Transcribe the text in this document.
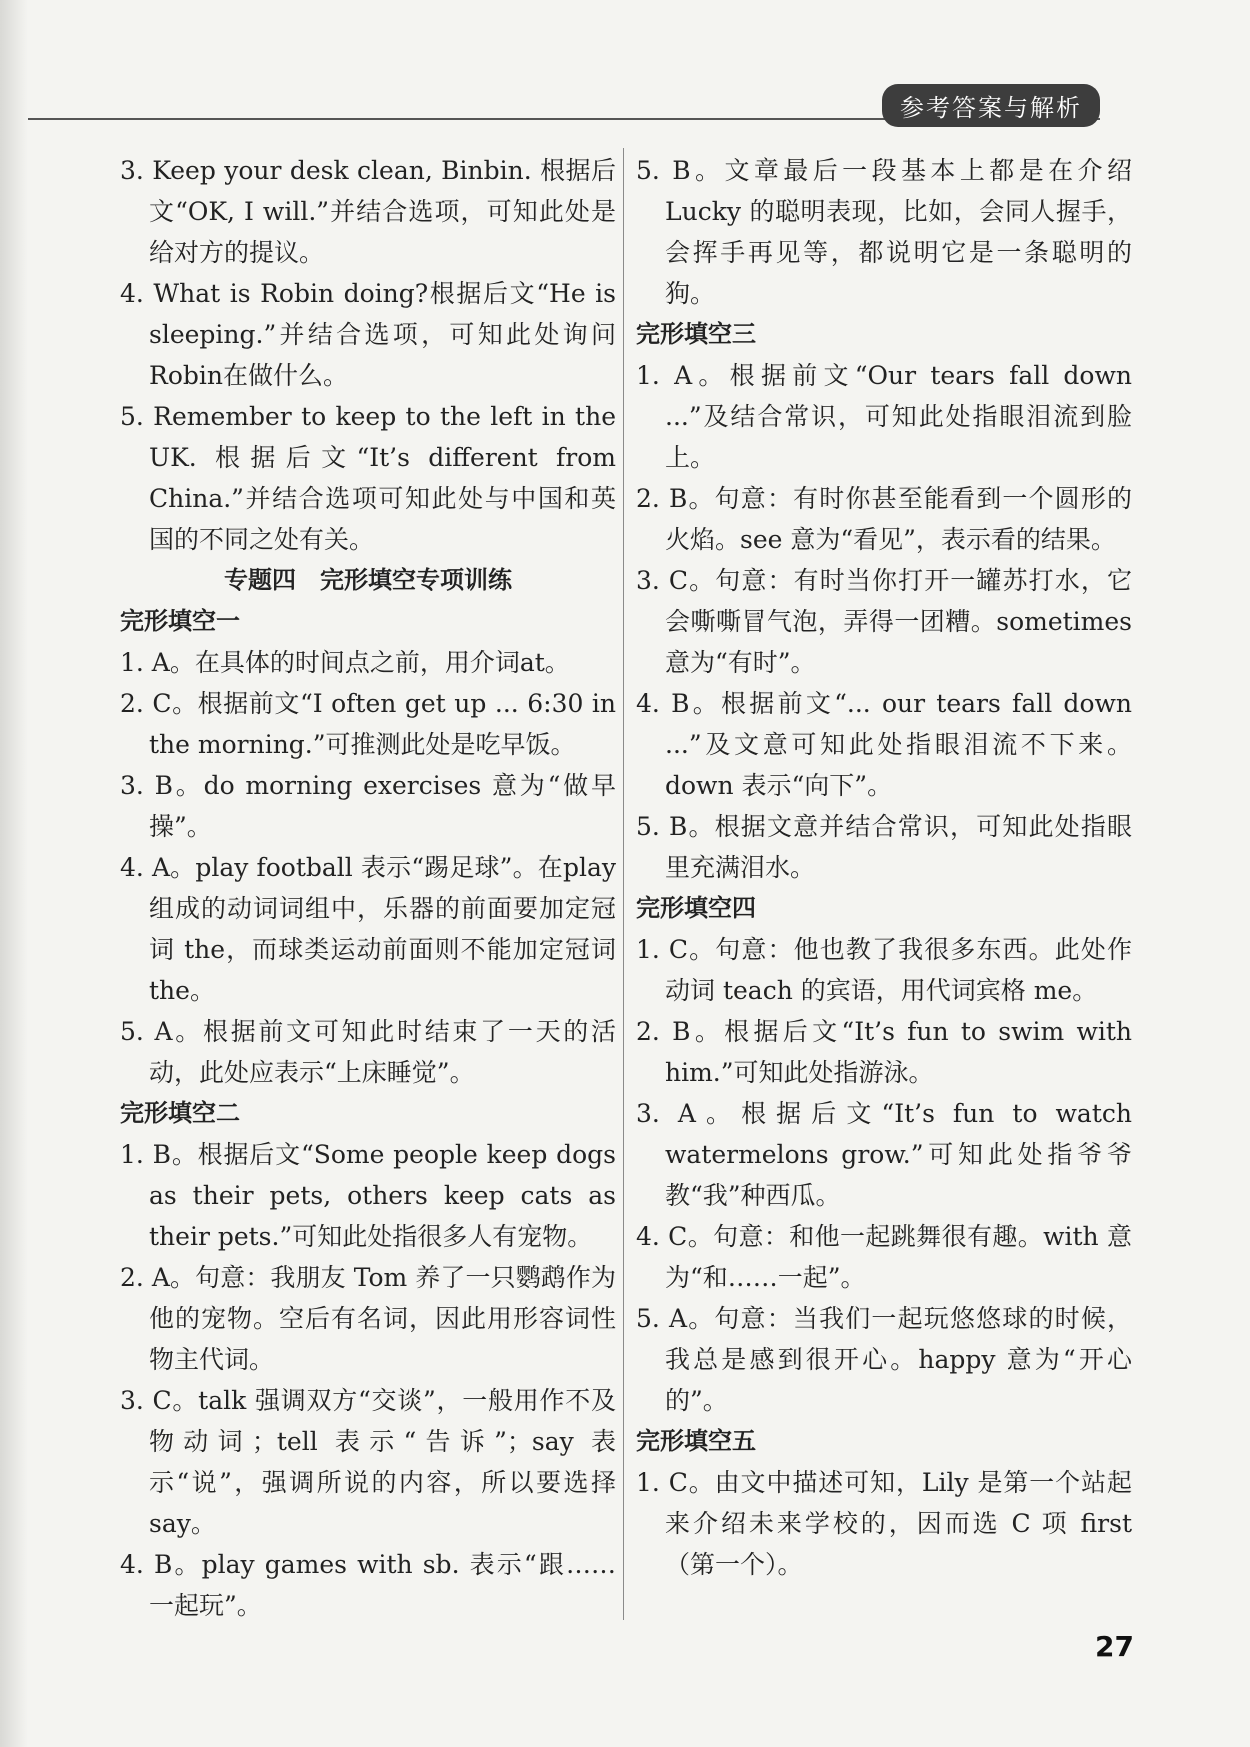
参考答案与解析
3. Keep your desk clean, Binbin. 根据后文“OK, I will.”并结合选项，可知此处是给对方的提议。
4. What is Robin doing?根据后文“He is sleeping.”并结合选项，可知此处询问Robin在做什么。
5. Remember to keep to the left in the UK. 根据后文“It’s different from China.”并结合选项可知此处与中国和英国的不同之处有关。
专题四　完形填空专项训练
完形填空一
1. A。在具体的时间点之前，用介词at。
2. C。根据前文“I often get up ... 6:30 in the morning.”可推测此处是吃早饭。
3. B。do morning exercises 意为“做早操”。
4. A。play football 表示“踢足球”。在play组成的动词词组中，乐器的前面要加定冠词 the，而球类运动前面则不能加定冠词 the。
5. A。根据前文可知此时结束了一天的活动，此处应表示“上床睡觉”。
完形填空二
1. B。根据后文“Some people keep dogs as their pets, others keep cats as their pets.”可知此处指很多人有宠物。
2. A。句意：我朋友 Tom 养了一只鹦鹉作为他的宠物。空后有名词，因此用形容词性物主代词。
3. C。talk 强调双方“交谈”，一般用作不及物动词；tell 表示“告诉”；say 表示“说”，强调所说的内容，所以要选择 say。
4. B。play games with sb. 表示“跟……一起玩”。
5. B。文章最后一段基本上都是在介绍 Lucky 的聪明表现，比如，会同人握手，会挥手再见等，都说明它是一条聪明的狗。
完形填空三
1. A。根据前文“Our tears fall down ...”及结合常识，可知此处指眼泪流到脸上。
2. B。句意：有时你甚至能看到一个圆形的火焰。see 意为“看见”，表示看的结果。
3. C。句意：有时当你打开一罐苏打水，它会嘶嘶冒气泡，弄得一团糟。sometimes 意为“有时”。
4. B。根据前文“... our tears fall down ...”及文意可知此处指眼泪流不下来。down 表示“向下”。
5. B。根据文意并结合常识，可知此处指眼里充满泪水。
完形填空四
1. C。句意：他也教了我很多东西。此处作动词 teach 的宾语，用代词宾格 me。
2. B。根据后文“It’s fun to swim with him.”可知此处指游泳。
3. A。根据后文“It’s fun to watch watermelons grow.”可知此处指爷爷教“我”种西瓜。
4. C。句意：和他一起跳舞很有趣。with 意为“和……一起”。
5. A。句意：当我们一起玩悠悠球的时候，我总是感到很开心。happy 意为“开心的”。
完形填空五
1. C。由文中描述可知，Lily 是第一个站起来介绍未来学校的，因而选 C 项 first（第一个）。
27
